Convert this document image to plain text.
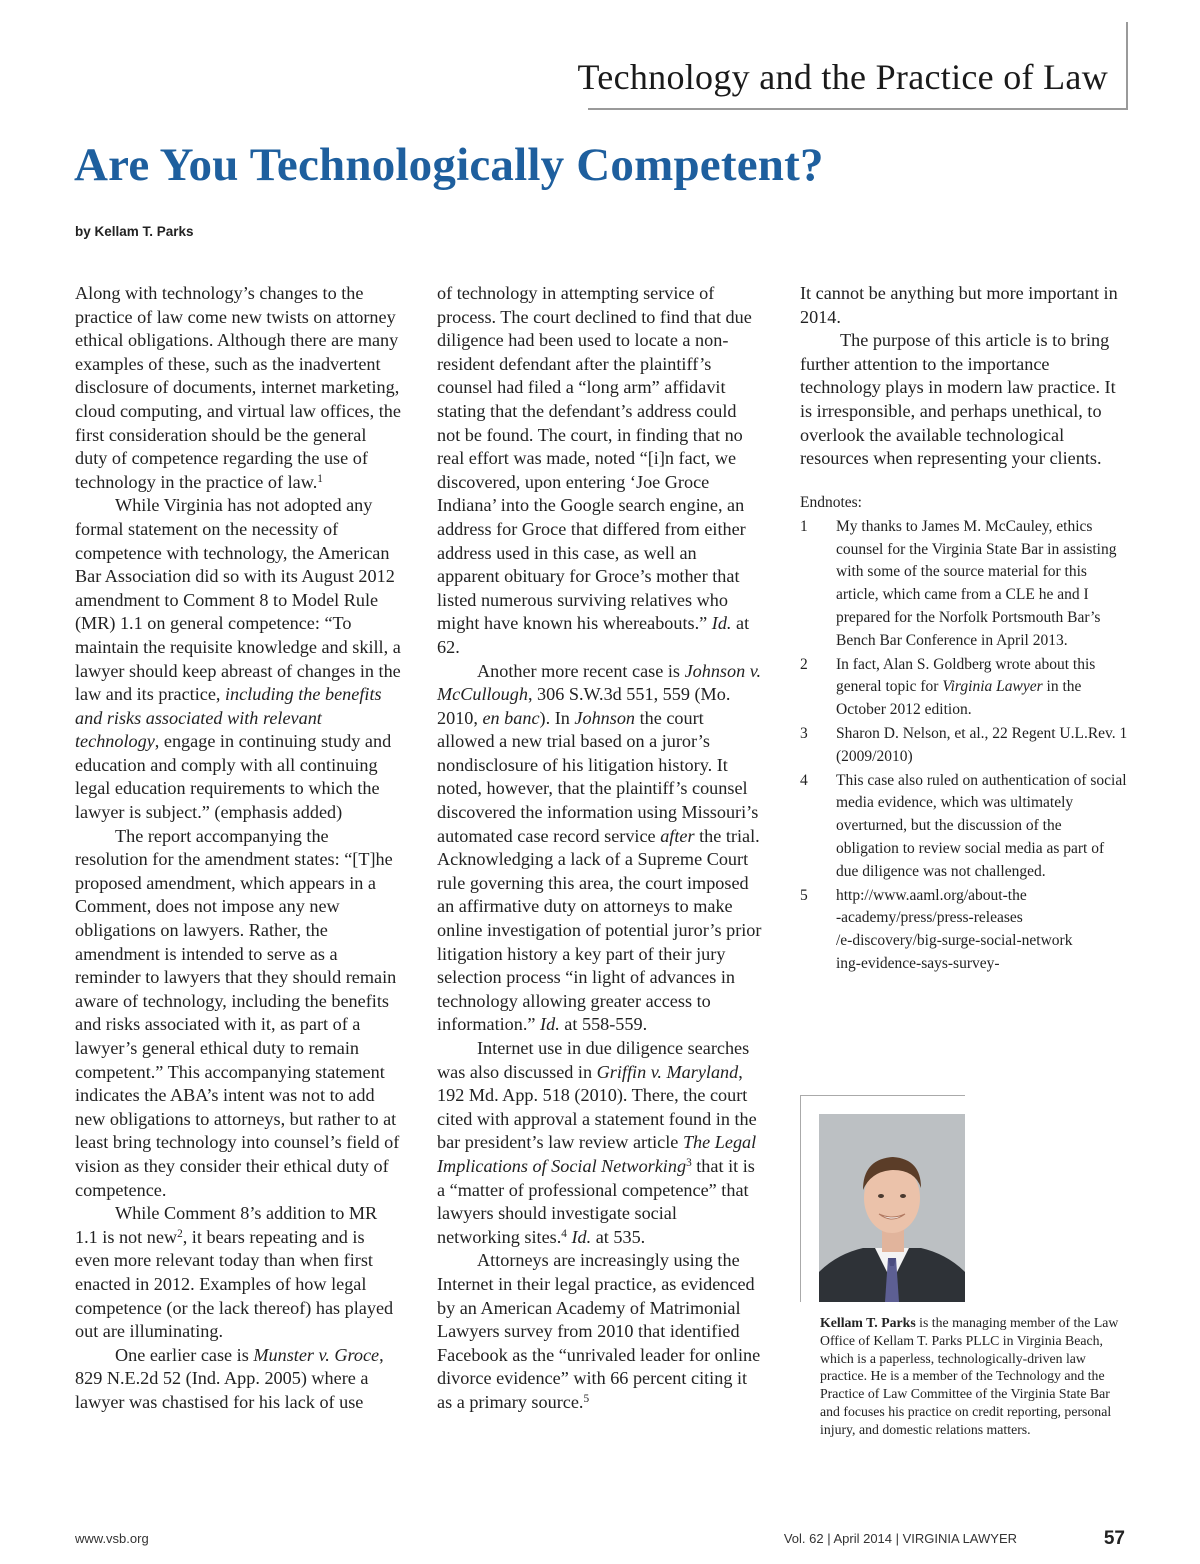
Technology and the Practice of Law
Are You Technologically Competent?
by Kellam T. Parks

Along with technology’s changes to the practice of law come new twists on attorney ethical obligations. Although there are many examples of these, such as the inadvertent disclosure of documents, internet marketing, cloud computing, and virtual law offices, the first consideration should be the general duty of competence regarding the use of technology in the practice of law.$^1$

While Virginia has not adopted any formal statement on the necessity of competence with technology, the American Bar Association did so with its August 2012 amendment to Comment 8 to Model Rule (MR) 1.1 on general competence: “To maintain the requisite knowledge and skill, a lawyer should keep abreast of changes in the law and its practice, including the benefits and risks associated with relevant technology, engage in continuing study and education and comply with all continuing legal education requirements to which the lawyer is subject.” (emphasis added)

The report accompanying the resolution for the amendment states: “[T]he proposed amendment, which appears in a Comment, does not impose any new obligations on lawyers. Rather, the amendment is intended to serve as a reminder to lawyers that they should remain aware of technology, including the benefits and risks associated with it, as part of a lawyer’s general ethical duty to remain competent.” This accompanying statement indicates the ABA’s intent was not to add new obligations to attorneys, but rather to at least bring technology into counsel’s field of vision as they consider their ethical duty of competence.

While Comment 8’s addition to MR 1.1 is not new$^2$, it bears repeating and is even more relevant today than when first enacted in 2012. Examples of how legal competence (or the lack thereof) has played out are illuminating.

One earlier case is Munster v. Groce, 829 N.E.2d 52 (Ind. App. 2005) where a lawyer was chastised for his lack of use

of technology in attempting service of process. The court declined to find that due diligence had been used to locate a non-resident defendant after the plaintiff’s counsel had filed a “long arm” affidavit stating that the defendant’s address could not be found. The court, in finding that no real effort was made, noted “[i]n fact, we discovered, upon entering ‘Joe Groce Indiana’ into the Google search engine, an address for Groce that differed from either address used in this case, as well an apparent obituary for Groce’s mother that listed numerous surviving relatives who might have known his whereabouts.” Id. at 62.

Another more recent case is Johnson v. McCullough, 306 S.W.3d 551, 559 (Mo. 2010, en banc). In Johnson the court allowed a new trial based on a juror’s nondisclosure of his litigation history. It noted, however, that the plaintiff’s counsel discovered the information using Missouri’s automated case record service after the trial. Acknowledging a lack of a Supreme Court rule governing this area, the court imposed an affirmative duty on attorneys to make online investigation of potential juror’s prior litigation history a key part of their jury selection process “in light of advances in technology allowing greater access to information.” Id. at 558-559.

Internet use in due diligence searches was also discussed in Griffin v. Maryland, 192 Md. App. 518 (2010). There, the court cited with approval a statement found in the bar president’s law review article The Legal Implications of Social Networking$^3$ that it is a “matter of professional competence” that lawyers should investigate social networking sites.$^4$ Id. at 535.

Attorneys are increasingly using the Internet in their legal practice, as evidenced by an American Academy of Matrimonial Lawyers survey from 2010 that identified Facebook as the “unrivaled leader for online divorce evidence” with 66 percent citing it as a primary source.$^5$

It cannot be anything but more important in 2014.

The purpose of this article is to bring further attention to the importance technology plays in modern law practice. It is irresponsible, and perhaps unethical, to overlook the available technological resources when representing your clients.

Endnotes:

1	My thanks to James M. McCauley, ethics counsel for the Virginia State Bar in assisting with some of the source material for this article, which came from a CLE he and I prepared for the Norfolk Portsmouth Bar’s Bench Bar Conference in April 2013.
2	In fact, Alan S. Goldberg wrote about this general topic for Virginia Lawyer in the October 2012 edition.
3	Sharon D. Nelson, et al., 22 Regent U.L.Rev. 1 (2009/2010)
4	This case also ruled on authentication of social media evidence, which was ultimately overturned, but the discussion of the obligation to review social media as part of due diligence was not challenged.
5	http://www.aaml.org/about-the
-academy/press/press-releases
/e-discovery/big-surge-social-network
ing-evidence-says-survey-
Kellam T. Parks is the managing member of the Law Office of Kellam T. Parks PLLC in Virginia Beach, which is a paperless, technologically-driven law practice. He is a member of the Technology and the Practice of Law Committee of the Virginia State Bar and focuses his practice on credit reporting, personal injury, and domestic relations matters.
www.vsb.org	Vol. 62 | April 2014 | VIRGINIA LAWYER	57
